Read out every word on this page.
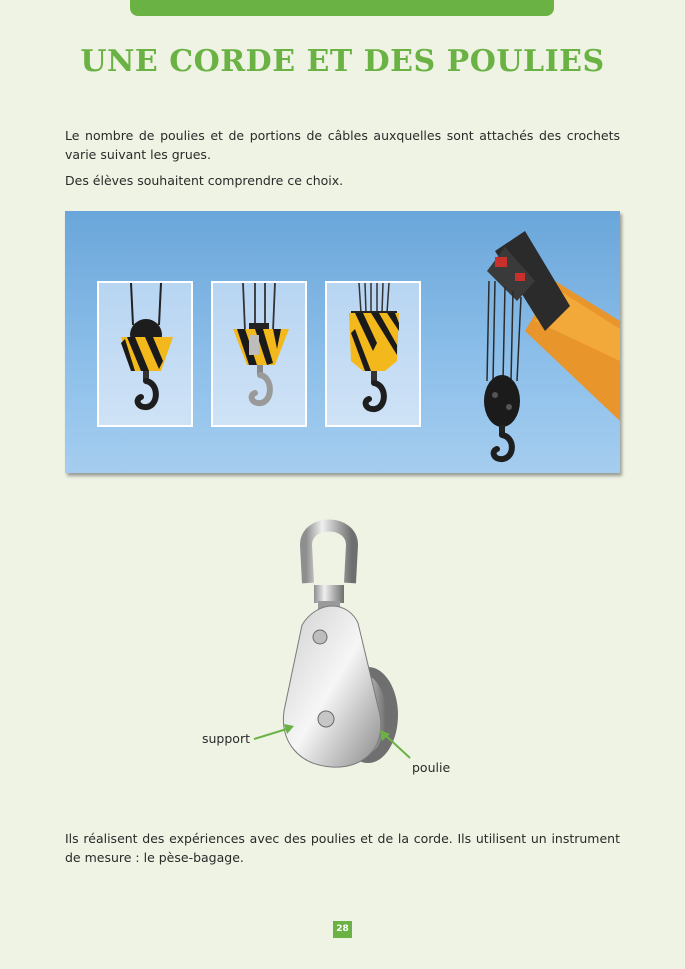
UNE CORDE ET DES POULIES

Le nombre de poulies et de portions de câbles auxquelles sont attachés des crochets varie suivant les grues.

Des élèves souhaitent comprendre ce choix.

support
poulie

Ils réalisent des expériences avec des poulies et de la corde. Ils utilisent un instrument de mesure : le pèse-bagage.

28
